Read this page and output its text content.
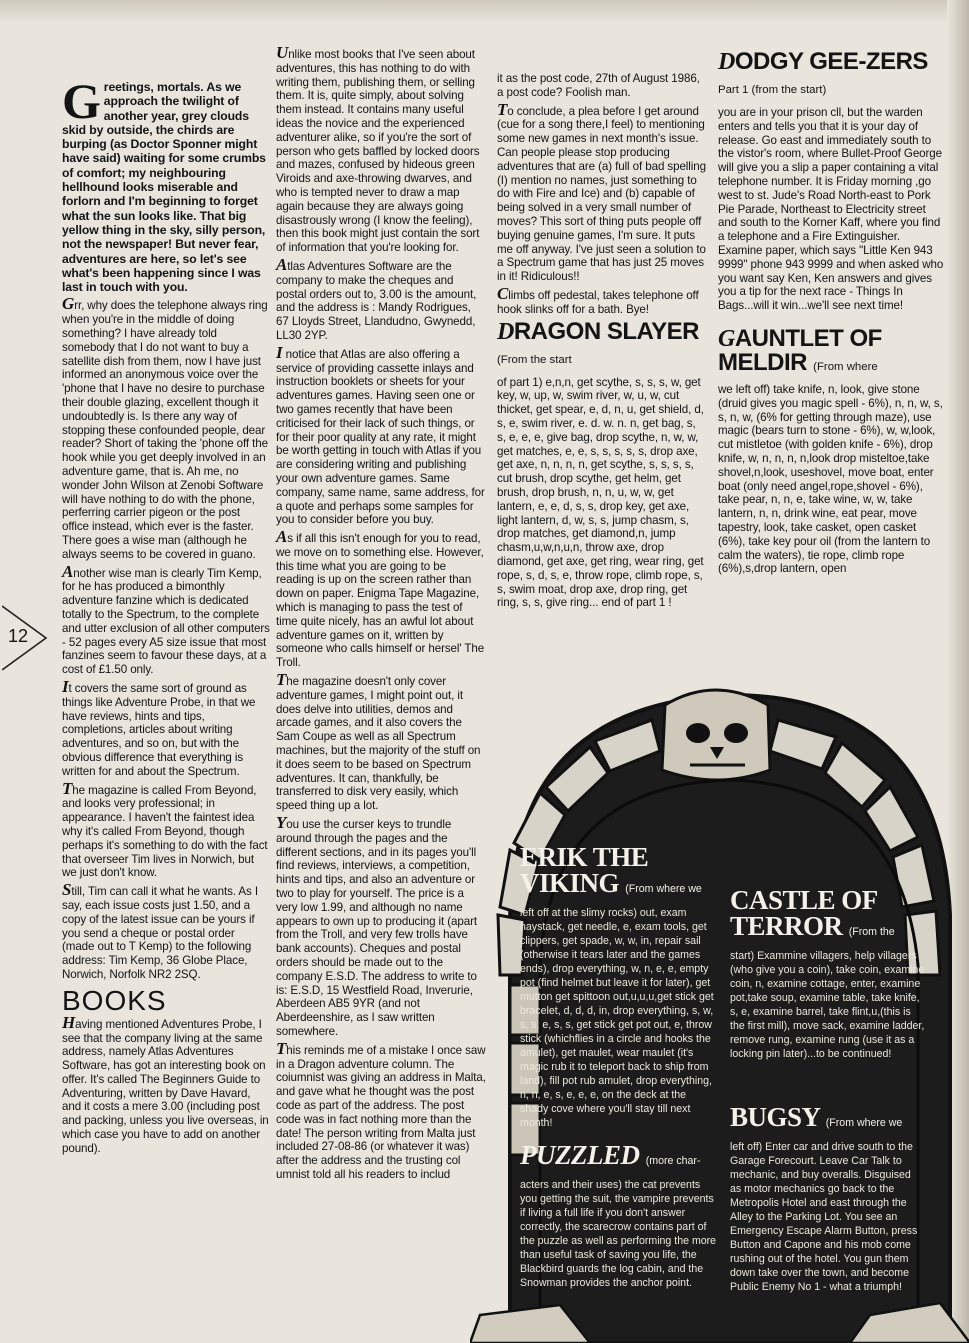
Greetings, mortals. As we approach the twilight of another year, grey clouds skid by outside, the chirds are burping (as Doctor Sponner might have said) waiting for some crumbs of comfort; my neighbouring hellhound looks miserable and forlorn and I'm beginning to forget what the sun looks like. That big yellow thing in the sky, silly person, not the newspaper! But never fear, adventures are here, so let's see what's been happening since I was last in touch with you.

Grr, why does the telephone always ring when you're in the middle of doing something? I have already told somebody that I do not want to buy a satellite dish from them, now I have just informed an anonymous voice over the 'phone that I have no desire to purchase their double glazing, excellent though it undoubtedly is. Is there any way of stopping these confounded people, dear reader? Short of taking the 'phone off the hook while you get deeply involved in an adventure game, that is. Ah me, no wonder John Wilson at Zenobi Software will have nothing to do with the phone, perferring carrier pigeon or the post office instead, which ever is the faster. There goes a wise man (although he always seems to be covered in guano.

Another wise man is clearly Tim Kemp, for he has produced a bimonthly adventure fanzine which is dedicated totally to the Spectrum, to the complete and utter exclusion of all other computers - 52 pages every A5 size issue that most fanzines seem to favour these days, at a cost of £1.50 only.

It covers the same sort of ground as things like Adventure Probe, in that we have reviews, hints and tips, completions, articles about writing adventures, and so on, but with the obvious difference that everything is written for and about the Spectrum.

The magazine is called From Beyond, and looks very professional; in appearance. I haven't the faintest idea why it's called From Beyond, though perhaps it's something to do with the fact that overseer Tim lives in Norwich, but we just don't know.

Still, Tim can call it what he wants. As I say, each issue costs just 1.50, and a copy of the latest issue can be yours if you send a cheque or postal order (made out to T Kemp) to the following address: Tim Kemp, 36 Globe Place, Norwich, Norfolk NR2 2SQ.

BOOKS

Having mentioned Adventures Probe, I see that the company living at the same address, namely Atlas Adventures Software, has got an interesting book on offer. It's called The Beginners Guide to Adventuring, written by Dave Havard, and it costs a mere 3.00 (including post and packing, unless you live overseas, in which case you have to add on another pound).

12

Unlike most books that I've seen about adventures, this has nothing to do with writing them, publishing them, or selling them. It is, quite simply, about solving them instead. It contains many useful ideas the novice and the experienced adventurer alike, so if you're the sort of person who gets baffled by locked doors and mazes, confused by hideous green Viroids and axe-throwing dwarves, and who is tempted never to draw a map again because they are always going disastrously wrong (I know the feeling), then this book might just contain the sort of information that you're looking for.

Atlas Adventures Software are the company to make the cheques and postal orders out to, 3.00 is the amount, and the address is : Mandy Rodrigues, 67 Lloyds Street, Llandudno, Gwynedd, LL30 2YP.

I notice that Atlas are also offering a service of providing cassette inlays and instruction booklets or sheets for your adventures games. Having seen one or two games recently that have been criticised for their lack of such things, or for their poor quality at any rate, it might be worth getting in touch with Atlas if you are considering writing and publishing your own adventure games. Same company, same name, same address, for a quote and perhaps some samples for you to consider before you buy.

As if all this isn't enough for you to read, we move on to something else. However, this time what you are going to be reading is up on the screen rather than down on paper. Enigma Tape Magazine, which is managing to pass the test of time quite nicely, has an awful lot about adventure games on it, written by someone who calls himself or hersel' The Troll.

The magazine doesn't only cover adventure games, I might point out, it does delve into utilities, demos and arcade games, and it also covers the Sam Coupe as well as all Spectrum machines, but the majority of the stuff on it does seem to be based on Spectrum adventures. It can, thankfully, be transferred to disk very easily, which speed thing up a lot.

You use the curser keys to trundle around through the pages and the different sections, and in its pages you'll find reviews, interviews, a competition, hints and tips, and also an adventure or two to play for yourself. The price is a very low 1.99, and although no name appears to own up to producing it (apart from the Troll, and very few trolls have bank accounts). Cheques and postal orders should be made out to the company E.S.D. The address to write to is: E.S.D, 15 Westfield Road, Inverurie, Aberdeen AB5 9YR (and not Aberdeenshire, as I saw written somewhere.

This reminds me of a mistake I once saw in a Dragon adventure column. The coiumnist was giving an address in Malta, and gave what he thought was the post code as part of the address. The post code was in fact nothing more than the date! The person writing from Malta just included 27-08-86 (or whatever it was) after the address and the trusting col umnist told all his readers to includ

it as the post code, 27th of August 1986, a post code? Foolish man.

To conclude, a plea before I get around (cue for a song there,I feel) to mentioning some new games in next month's issue. Can people please stop producing adventures that are (a) full of bad spelling (I) mention no names, just something to do with Fire and Ice) and (b) capable of being solved in a very small number of moves? This sort of thing puts people off buying genuine games, I'm sure. It puts me off anyway. I've just seen a solution to a Spectrum game that has just 25 moves in it! Ridiculous!!

Climbs off pedestal, takes telephone off hook slinks off for a bath. Bye!

DRAGON SLAYER (From the start

of part 1) e,n,n, get scythe, s, s, s, w, get key, w, up, w, swim river, w, u, w, cut thicket, get spear, e, d, n, u, get shield, d, s, e, swim river, e. d. w. n. n, get bag, s, s, e, e, e, give bag, drop scythe, n, w, w, get matches, e, e, s, s, s, s, s, drop axe, get axe, n, n, n, n, get scythe, s, s, s, s, cut brush, drop scythe, get helm, get brush, drop brush, n, n, u, w, w, get lantern, e, e, d, s, s, drop key, get axe, light lantern, d, w, s, s, jump chasm, s, drop matches, get diamond,n, jump chasm,u,w,n,u,n, throw axe, drop diamond, get axe, get ring, wear ring, get rope, s, d, s, e, throw rope, climb rope, s, s, swim moat, drop axe, drop ring, get ring, s, s, give ring... end of part 1 !

DODGY GEE-ZERS Part 1 (from the start)

you are in your prison cll, but the warden enters and tells you that it is your day of release. Go east and immediately south to the vistor's room, where Bullet-Proof George will give you a slip a paper containing a vital telephone number. It is Friday morning ,go west to st. Jude's Road North-east to Pork Pie Parade, Northeast to Electricity street and south to the Korner Kaff, where you find a telephone and a Fire Extinguisher. Examine paper, which says "Little Ken 943 9999" phone 943 9999 and when asked who you want say Ken, Ken answers and gives you a tip for the next race - Things In Bags...will it win...we'll see next time!

GAUNTLET OF MELDIR (From where

we left off) take knife, n, look, give stone (druid gives you magic spell - 6%), n, n, w, s, s, n, w, (6% for getting through maze), use magic (bears turn to stone - 6%), w, w,look, cut mistletoe (with golden knife - 6%), drop knife, w, n, n, n, n,look drop misteltoe,take shovel,n,look, useshovel, move boat, enter boat (only need angel,rope,shovel - 6%), take pear, n, n, e, take wine, w, w, take lantern, n, n, drink wine, eat pear, move tapestry, look, take casket, open casket (6%), take key pour oil (from the lantern to calm the waters), tie rope, climb rope (6%),s,drop lantern, open

ERIK THE VIKING (From where we

left off at the slimy rocks) out, exam haystack, get needle, e, exam tools, get clippers, get spade, w, w, in, repair sail (otherwise it tears later and the games ends), drop everything, w, n, e, e, empty pot (find helmet but leave it for later), get mutton get spittoon out,u,u,u,get stick get bracelet, d, d, d, in, drop everything, s, w, s, s, e, s, s, get stick get pot out, e, throw stick (whichflies in a circle and hooks the amulet), get maulet, wear maulet (it's magic rub it to teleport back to ship from land), fill pot rub amulet, drop everything, n, n, e, s, e, e, e, on the deck at the shady cove where you'll stay till next month!

PUZZLED (more char-

acters and their uses) the cat prevents you getting the suit, the vampire prevents if living a full life if you don't answer correctly, the scarecrow contains part of the puzzle as well as performing the more than useful task of saving you life, the Blackbird guards the log cabin, and the Snowman provides the anchor point.

CASTLE OF TERROR (From the

start) Exammine villagers, help villagers (who give you a coin), take coin, examine coin, n, examine cottage, enter, examine pot,take soup, examine table, take knife, s, e, examine barrel, take flint,u,(this is the first mill), move sack, examine ladder, remove rung, examine rung (use it as a locking pin later)...to be continued!

BUGSY (From where we

left off) Enter car and drive south to the Garage Forecourt. Leave Car Talk to mechanic, and buy overalls. Disguised as motor mechanics go back to the Metropolis Hotel and east through the Alley to the Parking Lot. You see an Emergency Escape Alarm Button, press Button and Capone and his mob come rushing out of the hotel. You gun them down take over the town, and become Public Enemy No 1 - what a triumph!
